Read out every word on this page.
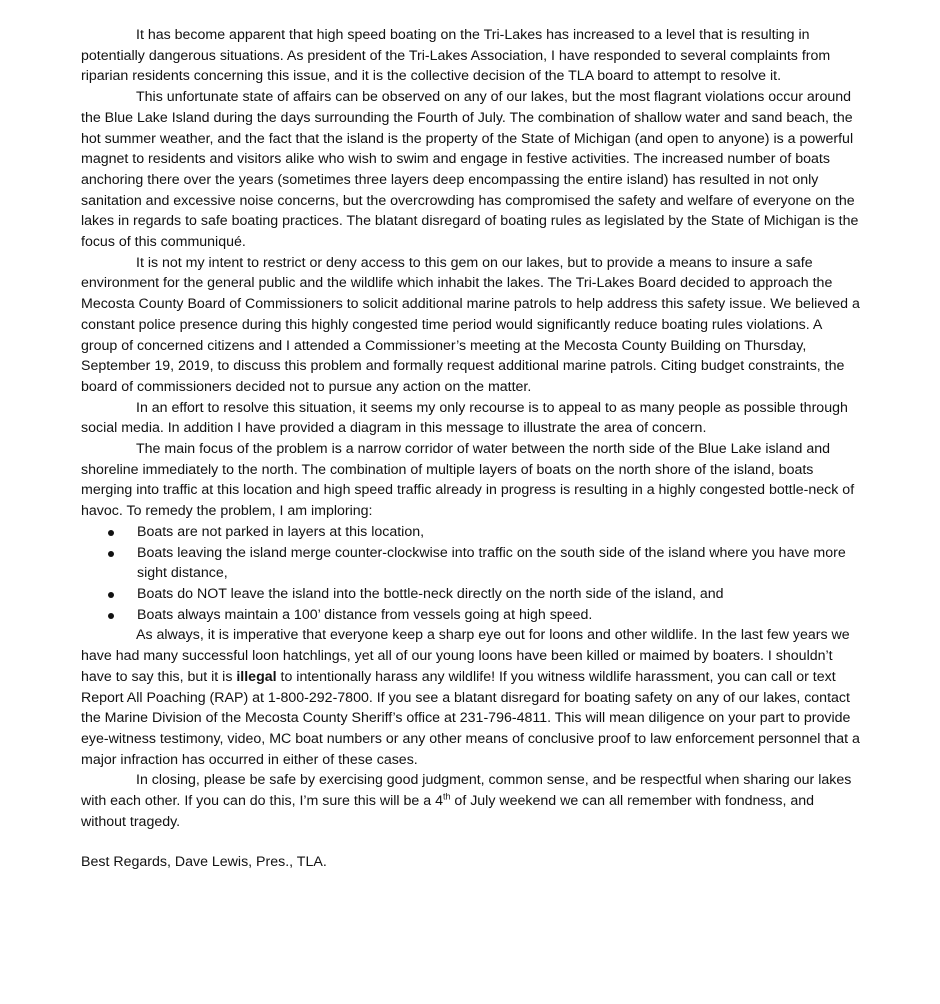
It has become apparent that high speed boating on the Tri-Lakes has increased to a level that is resulting in potentially dangerous situations. As president of the Tri-Lakes Association, I have responded to several complaints from riparian residents concerning this issue, and it is the collective decision of the TLA board to attempt to resolve it.

This unfortunate state of affairs can be observed on any of our lakes, but the most flagrant violations occur around the Blue Lake Island during the days surrounding the Fourth of July. The combination of shallow water and sand beach, the hot summer weather, and the fact that the island is the property of the State of Michigan (and open to anyone) is a powerful magnet to residents and visitors alike who wish to swim and engage in festive activities. The increased number of boats anchoring there over the years (sometimes three layers deep encompassing the entire island) has resulted in not only sanitation and excessive noise concerns, but the overcrowding has compromised the safety and welfare of everyone on the lakes in regards to safe boating practices. The blatant disregard of boating rules as legislated by the State of Michigan is the focus of this communiqué.

It is not my intent to restrict or deny access to this gem on our lakes, but to provide a means to insure a safe environment for the general public and the wildlife which inhabit the lakes. The Tri-Lakes Board decided to approach the Mecosta County Board of Commissioners to solicit additional marine patrols to help address this safety issue. We believed a constant police presence during this highly congested time period would significantly reduce boating rules violations. A group of concerned citizens and I attended a Commissioner’s meeting at the Mecosta County Building on Thursday, September 19, 2019, to discuss this problem and formally request additional marine patrols. Citing budget constraints, the board of commissioners decided not to pursue any action on the matter.

In an effort to resolve this situation, it seems my only recourse is to appeal to as many people as possible through social media. In addition I have provided a diagram in this message to illustrate the area of concern.

The main focus of the problem is a narrow corridor of water between the north side of the Blue Lake island and shoreline immediately to the north. The combination of multiple layers of boats on the north shore of the island, boats merging into traffic at this location and high speed traffic already in progress is resulting in a highly congested bottle-neck of havoc. To remedy the problem, I am imploring:

Boats are not parked in layers at this location,
Boats leaving the island merge counter-clockwise into traffic on the south side of the island where you have more sight distance,
Boats do NOT leave the island into the bottle-neck directly on the north side of the island, and
Boats always maintain a 100’ distance from vessels going at high speed.

As always, it is imperative that everyone keep a sharp eye out for loons and other wildlife. In the last few years we have had many successful loon hatchlings, yet all of our young loons have been killed or maimed by boaters. I shouldn’t have to say this, but it is illegal to intentionally harass any wildlife! If you witness wildlife harassment, you can call or text Report All Poaching (RAP) at 1-800-292-7800. If you see a blatant disregard for boating safety on any of our lakes, contact the Marine Division of the Mecosta County Sheriff’s office at 231-796-4811. This will mean diligence on your part to provide eye-witness testimony, video, MC boat numbers or any other means of conclusive proof to law enforcement personnel that a major infraction has occurred in either of these cases.

In closing, please be safe by exercising good judgment, common sense, and be respectful when sharing our lakes with each other. If you can do this, I’m sure this will be a 4th of July weekend we can all remember with fondness, and without tragedy.

Best Regards, Dave Lewis, Pres., TLA.
